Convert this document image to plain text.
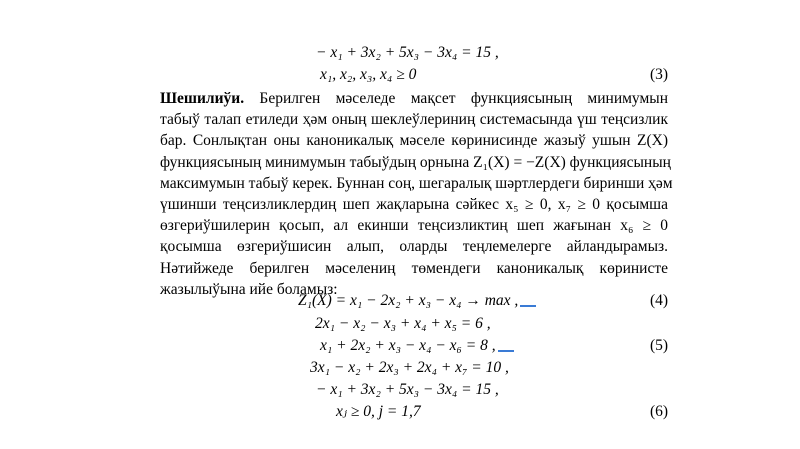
− x₁ + 3x₂ + 5x₃ − 3x₄ = 15 ,
x₁, x₂, x₃, x₄ ≥ 0	(3)
Шешилиўи. Берилген мәселеде мақсет функциясының минимумын
табыў талап етиледи ҳәм оның шеклеўлериниң системасында үш теңсизлик
бар. Сонлықтан оны каноникалық мәселе көринисинде жазыў ушын Z(X)
функциясының минимумын табыўдың орнына Z₁(X) = −Z(X) функциясының
максимумын табыў керек. Буннан соң, шегаралық шәртлердеги биринши ҳәм
үшинши теңсизликлердиң шеп жақларына сәйкес x₅ ≥ 0, x₇ ≥ 0 қосымша
өзгериўшилерин қосып, ал екинши теңсизликтиң шеп жағынан x₆ ≥ 0
қосымша өзгериўшисин алып, оларды теңлемелерге айландырамыз.
Нәтийжеде берилген мәселениң төмендеги каноникалық көринисте
жазылыўына ийе боламыз:
Z₁(X) = x₁ − 2x₂ + x₃ − x₄ → max ,	(4)
2x₁ − x₂ − x₃ + x₄ + x₅ = 6 ,
x₁ + 2x₂ + x₃ − x₄ − x₆ = 8 ,	(5)
3x₁ − x₂ + 2x₃ + 2x₄ + x₇ = 10 ,
− x₁ + 3x₂ + 5x₃ − 3x₄ = 15 ,
xⱼ ≥ 0, j = 1,7	(6)
